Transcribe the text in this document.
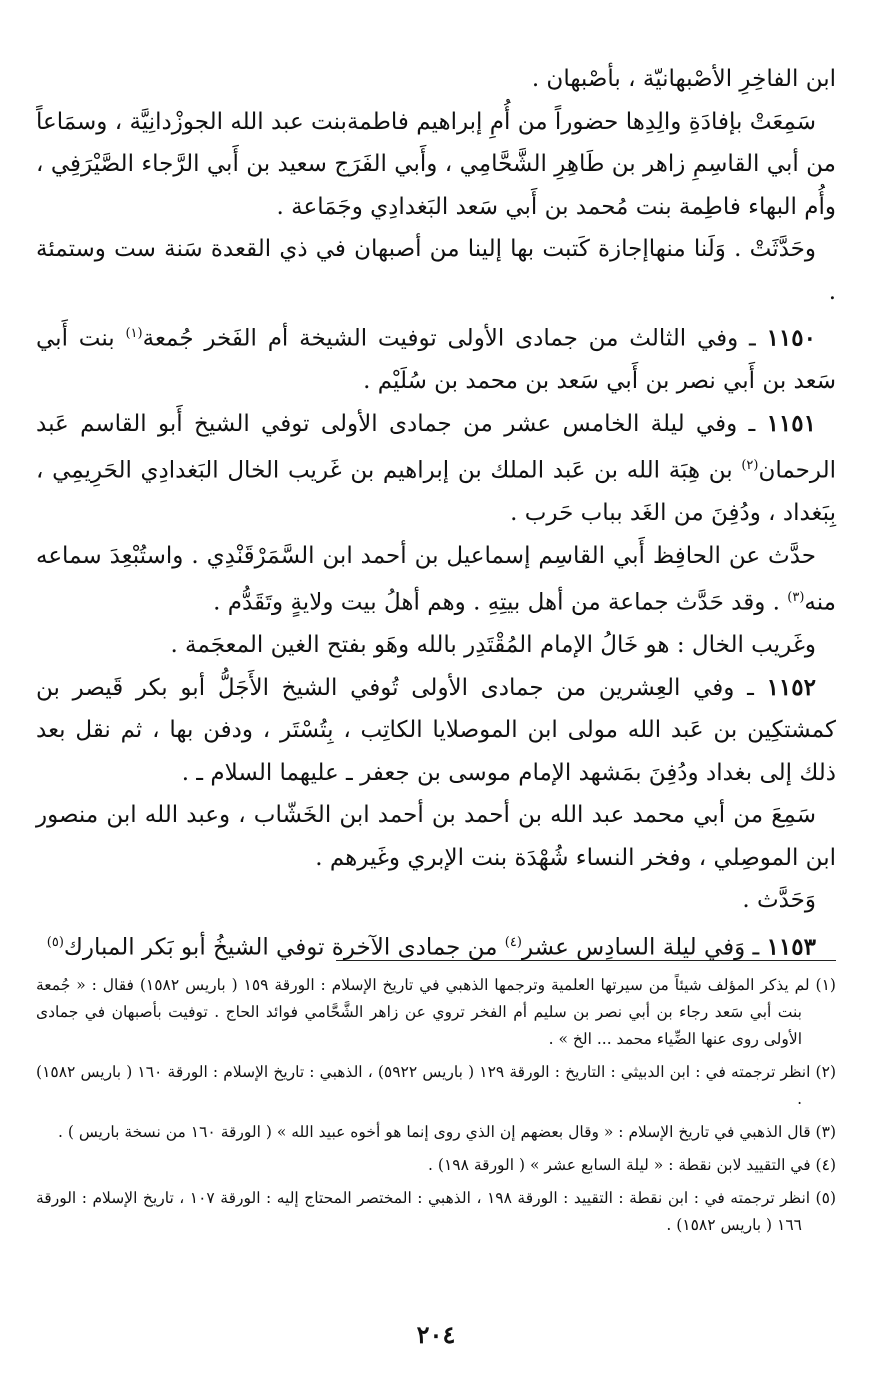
ابن الفاخِرِ الأصْبهانيّة ، بأصْبهان .

سَمِعَتْ بإفادَةِ والِدِها حضوراً من أُمِ إبراهيم فاطمةبنت عبد الله الجوزْدانِيَّة ، وسمَاعاً من أبي القاسِمِ زاهر بن طَاهِرِ الشَّحَّامِي ، وأَبي الفَرَج سعيد بن أَبي الرَّجاء الصَّيْرَفِي ، وأُم البهاء فاطِمة بنت مُحمد بن أَبي سَعد البَغدادِي وجَمَاعة .

وحَدَّثَتْ . وَلَنا منهاإجازة كَتبت بها إلينا من أصبهان في ذي القعدة سَنة ست وستمئة .

١١٥٠ ـ وفي الثالث من جمادى الأولى توفيت الشيخة أم الفَخر جُمعة$^{(١)}$ بنت أَبي سَعد بن أَبي نصر بن أَبي سَعد بن محمد بن سُلَيْم .

١١٥١ ـ وفي ليلة الخامس عشر من جمادى الأولى توفي الشيخ أَبو القاسم عَبد الرحمان$^{(٢)}$ بن هِبَة الله بن عَبد الملك بن إبراهيم بن غَريب الخال البَغدادِي الحَرِيمِي ، بِبَغداد ، ودُفِنَ من الغَد بباب حَرب .

حدَّث عن الحافِظ أَبي القاسِم إسماعيل بن أحمد ابن السَّمَرْقَنْدِي . واستُبْعِدَ سماعه منه$^{(٣)}$ . وقد حَدَّث جماعة من أهل بيتِهِ . وهم أهلُ بيت ولايةٍ وتَقَدُّم .

وغَريب الخال : هو خَالُ الإمام المُقْتَدِر بالله وهَو بفتح الغين المعجَمة .

١١٥٢ ـ وفي العِشرين من جمادى الأولى تُوفي الشيخ الأَجَلُّ أبو بكر قَيصر بن كمشتكِين بن عَبد الله مولى ابن الموصلايا الكاتِب ، بِتُسْتَر ، ودفن بها ، ثم نقل بعد ذلك إلى بغداد ودُفِنَ بمَشهد الإمام موسى بن جعفر ـ عليهما السلام ـ .

سَمِعَ من أبي محمد عبد الله بن أحمد بن أحمد ابن الخَشّاب ، وعبد الله ابن منصور ابن الموصِلي ، وفخر النساء شُهْدَة بنت الإبري وغَيرهم .

وَحَدَّث .

١١٥٣ ـ وَفي ليلة السادِس عشر$^{(٤)}$ من جمادى الآخرة توفي الشيخُ أبو بَكر المبارك$^{(٥)}$

(١) لم يذكر المؤلف شيئاً من سيرتها العلمية وترجمها الذهبي في تاريخ الإسلام : الورقة ١٥٩ ( باريس ١٥٨٢) فقال : « جُمعة بنت أبي سَعد رجاء بن أبي نصر بن سليم أم الفخر تروي عن زاهر الشَّحَّامي فوائد الحاج . توفيت بأصبهان في جمادى الأولى روى عنها الضِّياء محمد ... الخ » .

(٢) انظر ترجمته في : ابن الدبيثي : التاريخ : الورقة ١٢٩ ( باريس ٥٩٢٢) ، الذهبي : تاريخ الإسلام : الورقة ١٦٠ ( باريس ١٥٨٢) .

(٣) قال الذهبي في تاريخ الإسلام : « وقال بعضهم إن الذي روى إنما هو أخوه عبيد الله » ( الورقة ١٦٠ من نسخة باريس ) .

(٤) في التقييد لابن نقطة : « ليلة السابع عشر » ( الورقة ١٩٨) .

(٥) انظر ترجمته في : ابن نقطة : التقييد : الورقة ١٩٨ ، الذهبي : المختصر المحتاج إليه : الورقة ١٠٧ ، تاريخ الإسلام : الورقة ١٦٦ ( باريس ١٥٨٢) .

٢٠٤
